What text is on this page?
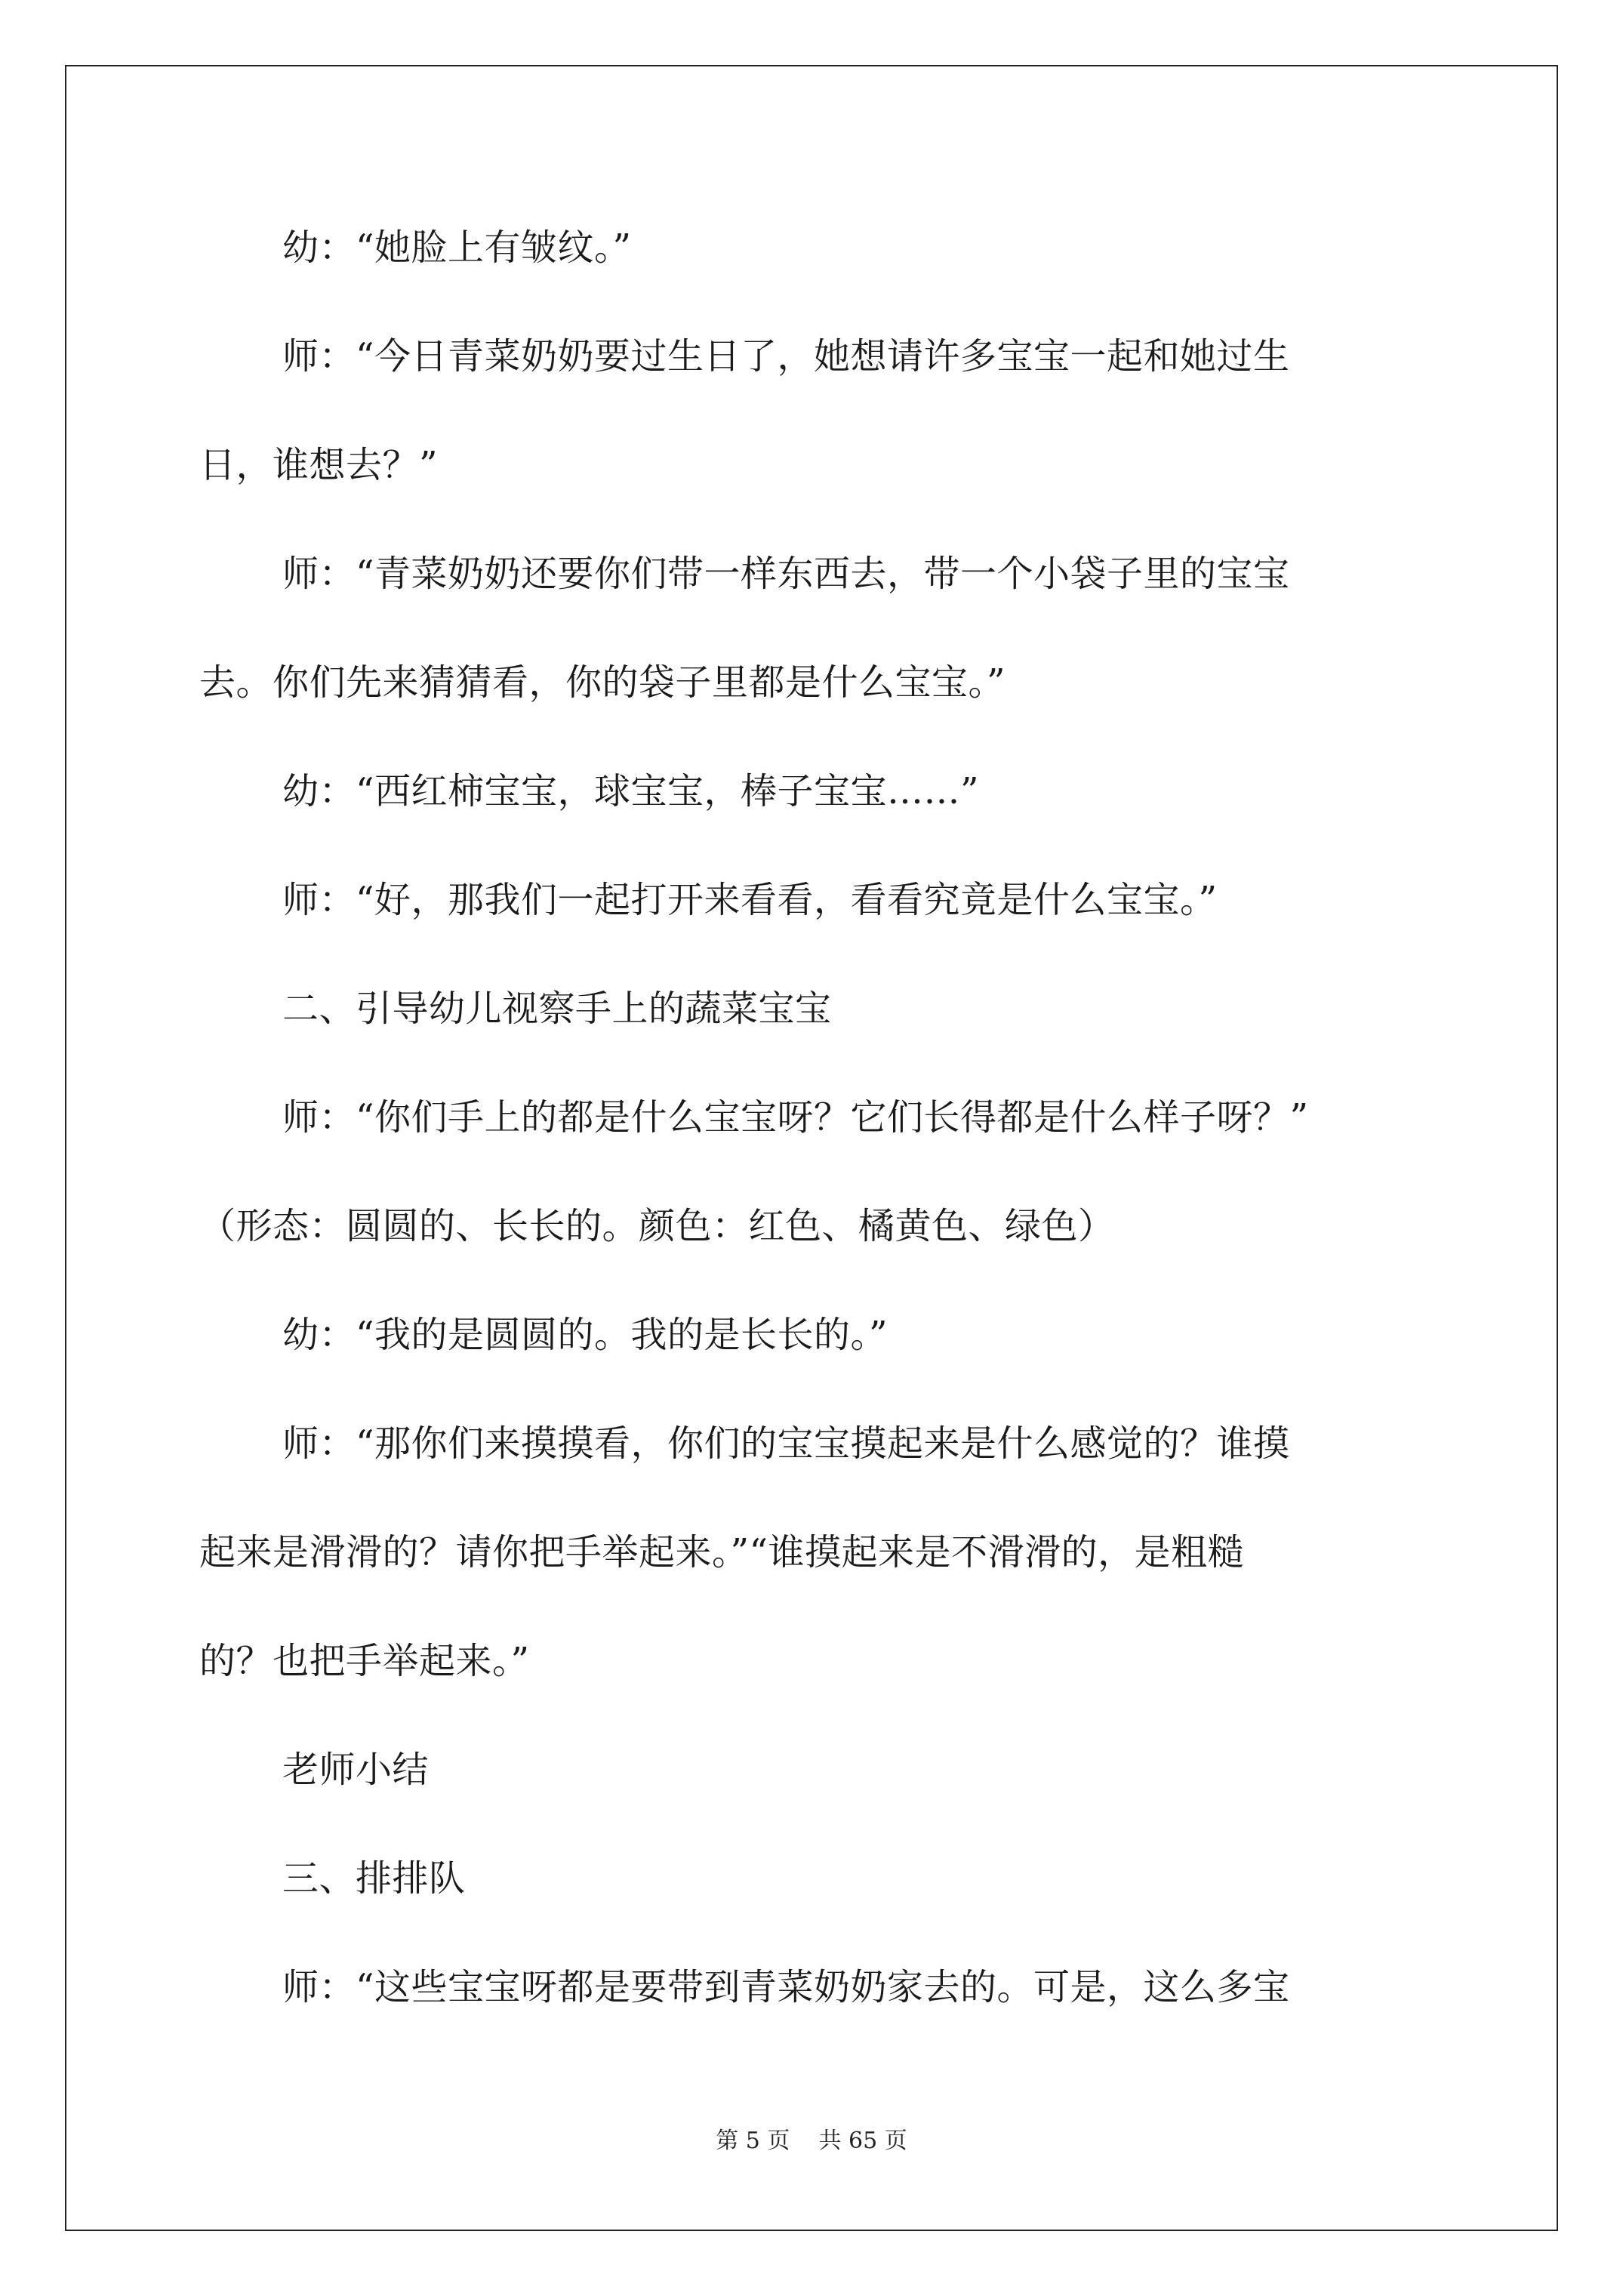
幼：“她脸上有皱纹。”
师：“今日青菜奶奶要过生日了，她想请许多宝宝一起和她过生
日，谁想去？”
师：“青菜奶奶还要你们带一样东西去，带一个小袋子里的宝宝
去。你们先来猜猜看，你的袋子里都是什么宝宝。”
幼：“西红柿宝宝，球宝宝，棒子宝宝……”
师：“好，那我们一起打开来看看，看看究竟是什么宝宝。”
二、引导幼儿视察手上的蔬菜宝宝
师：“你们手上的都是什么宝宝呀？它们长得都是什么样子呀？”
（形态：圆圆的、长长的。颜色：红色、橘黄色、绿色）
幼：“我的是圆圆的。我的是长长的。”
师：“那你们来摸摸看，你们的宝宝摸起来是什么感觉的？谁摸
起来是滑滑的？请你把手举起来。”“谁摸起来是不滑滑的，是粗糙
的？也把手举起来。”
老师小结
三、排排队
师：“这些宝宝呀都是要带到青菜奶奶家去的。可是，这么多宝
第 5 页    共 65 页
